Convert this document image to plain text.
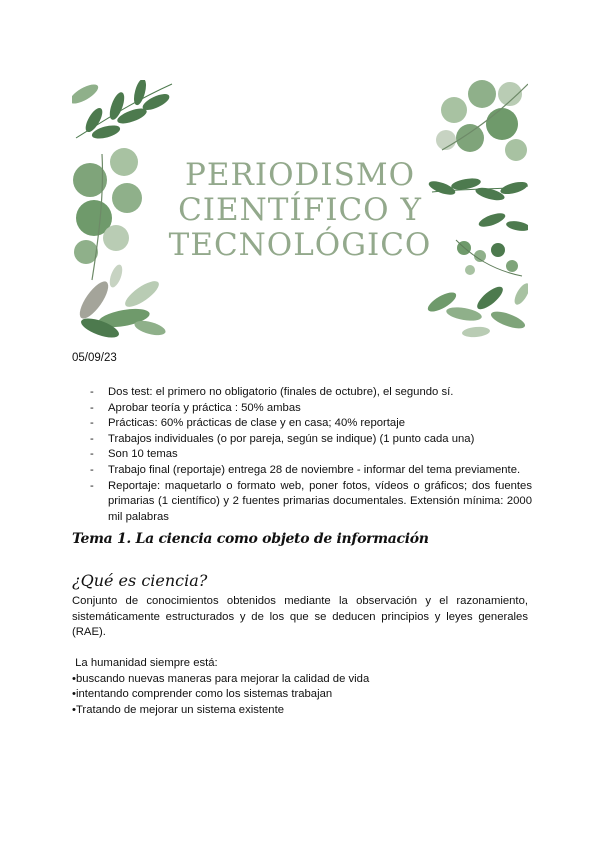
PERIODISMO
CIENTÍFICO Y
TECNOLÓGICO
05/09/23
- Dos test: el primero no obligatorio (finales de octubre), el segundo sí.
- Aprobar teoría y práctica : 50% ambas
- Prácticas: 60% prácticas de clase y en casa; 40% reportaje
- Trabajos individuales (o por pareja, según se indique) (1 punto cada una)
- Son 10 temas
- Trabajo final (reportaje) entrega 28 de noviembre - informar del tema previamente.
- Reportaje: maquetarlo o formato web, poner fotos, vídeos o gráficos; dos fuentes primarias (1 científico) y 2 fuentes primarias documentales. Extensión mínima: 2000 mil palabras
Tema 1. La ciencia como objeto de información
¿Qué es ciencia?

Conjunto de conocimientos obtenidos mediante la observación y el razonamiento, sistemáticamente estructurados y de los que se deducen principios y leyes generales (RAE).

La humanidad siempre está:
•buscando nuevas maneras para mejorar la calidad de vida
•intentando comprender como los sistemas trabajan
•Tratando de mejorar un sistema existente
